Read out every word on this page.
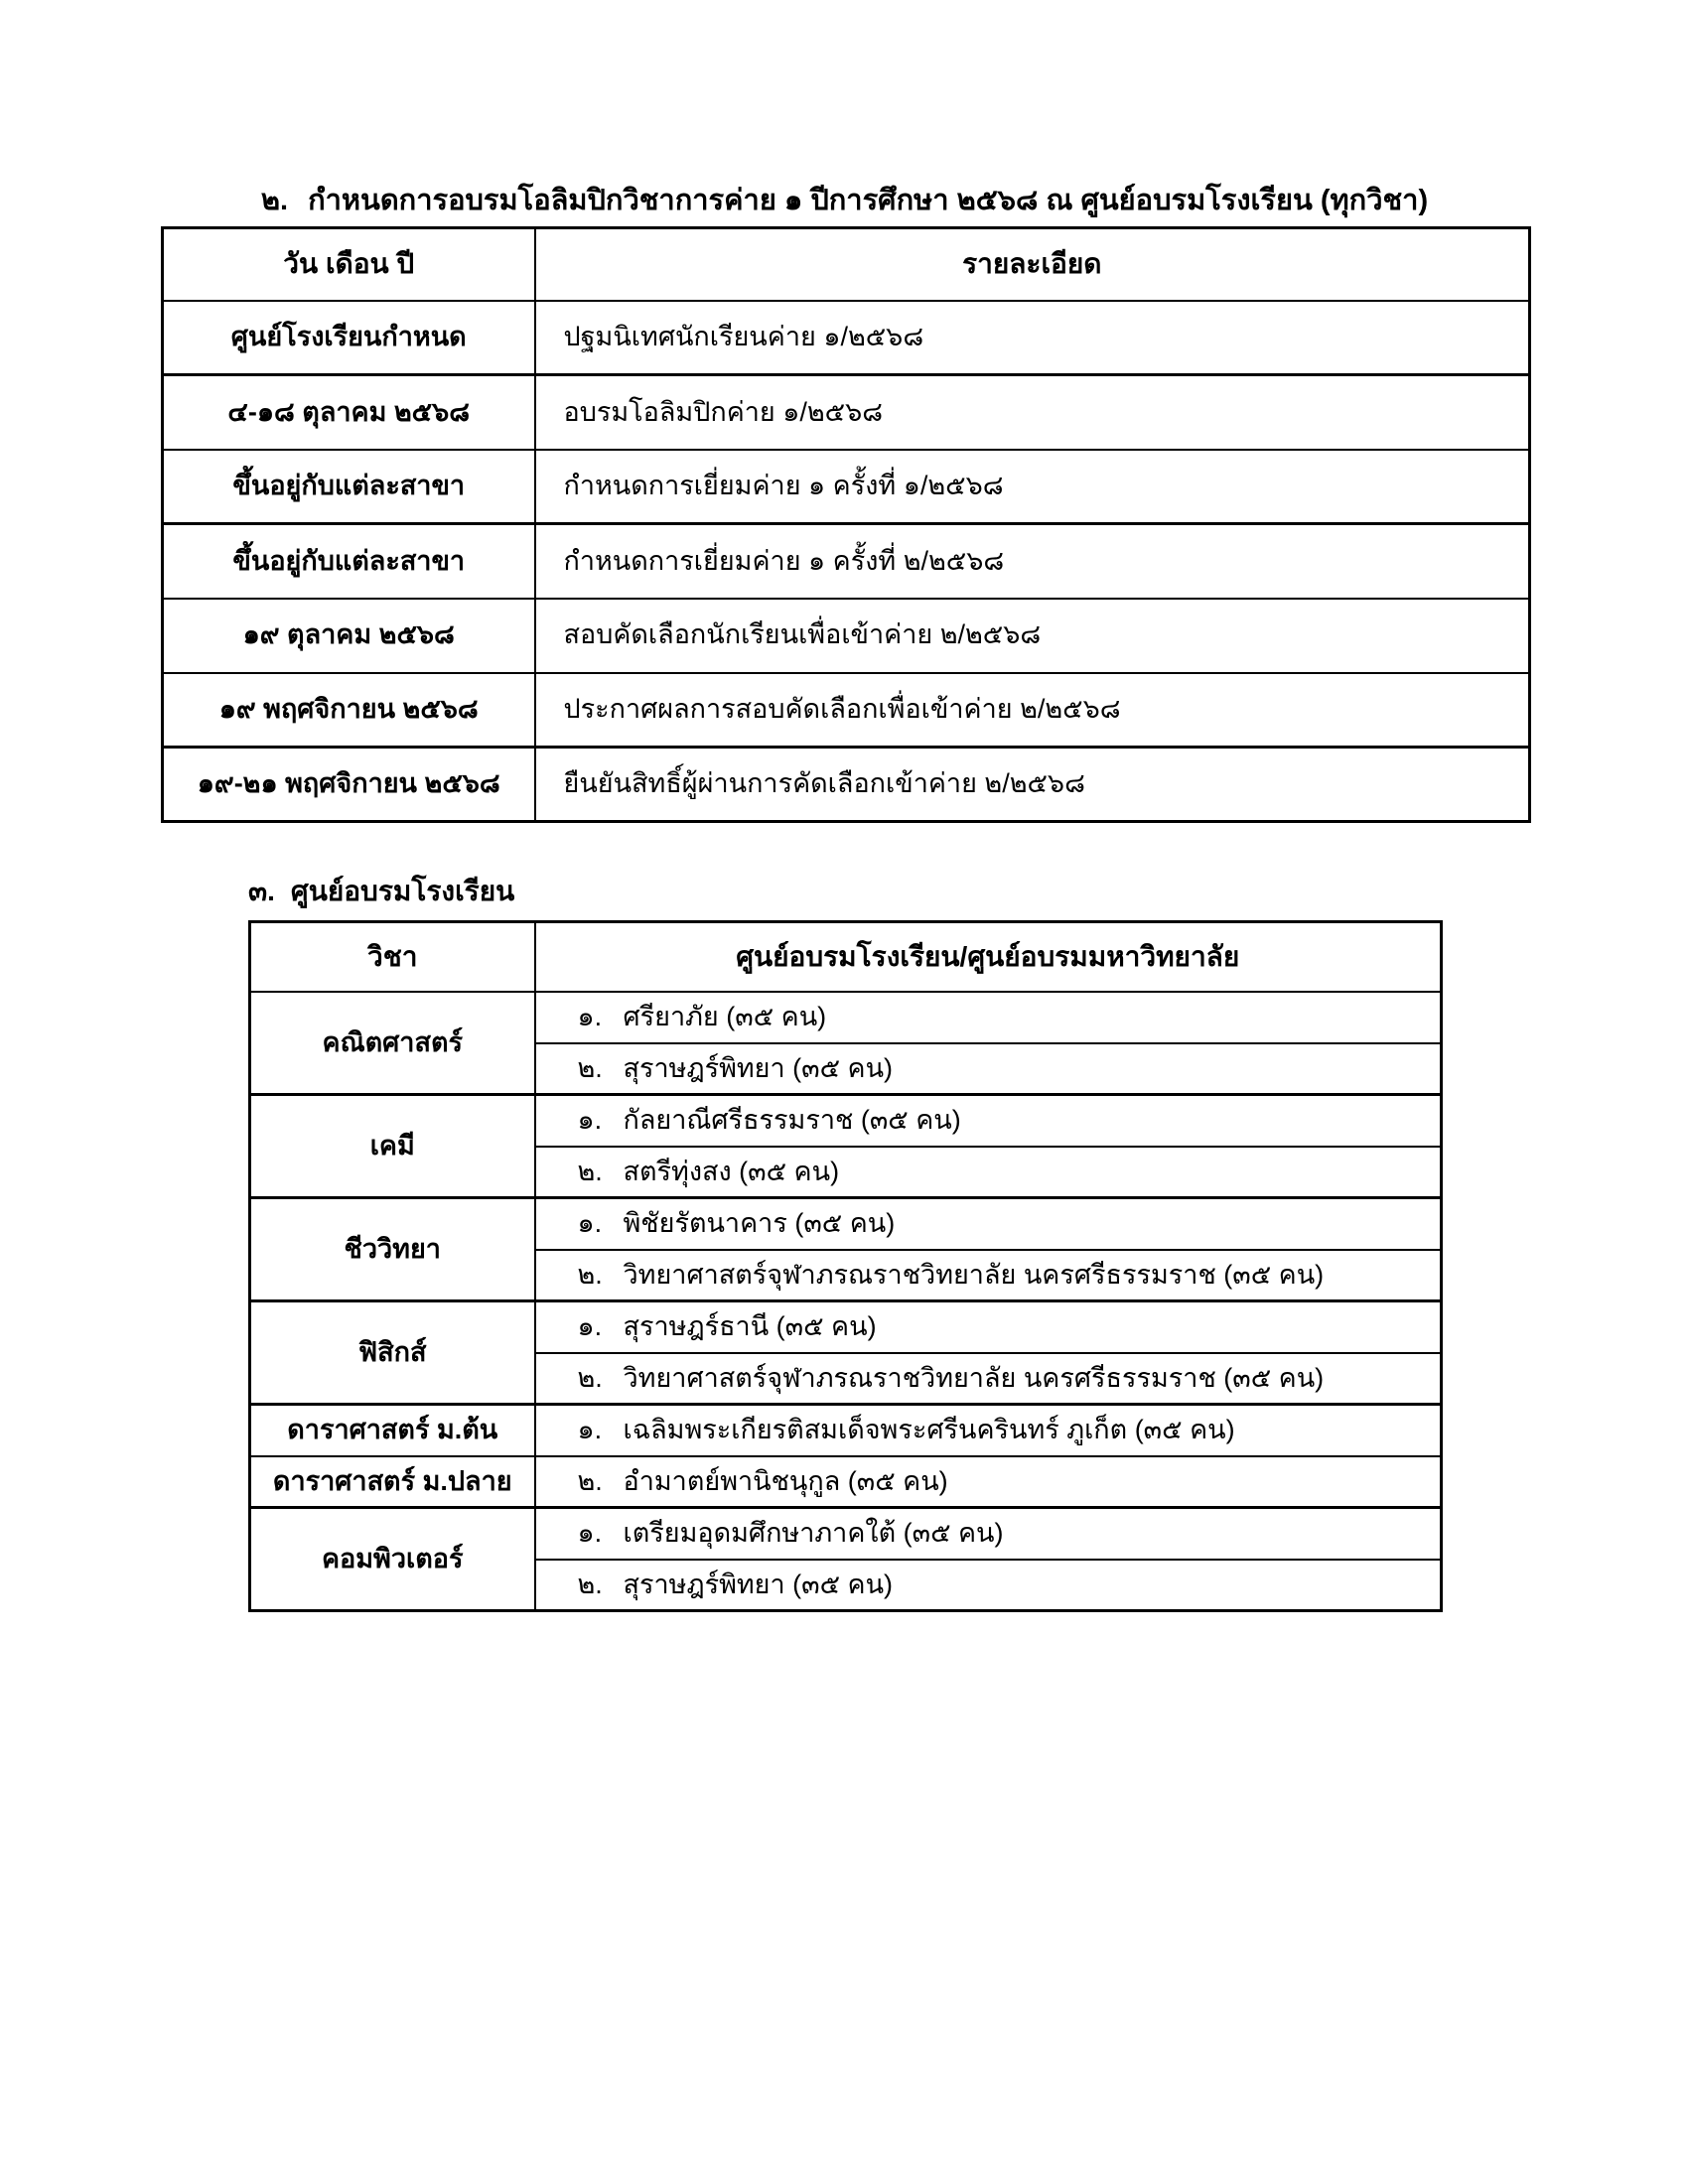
๒. กำหนดการอบรมโอลิมปิกวิชาการค่าย ๑ ปีการศึกษา ๒๕๖๘ ณ ศูนย์อบรมโรงเรียน (ทุกวิชา)
วัน เดือน ปี	รายละเอียด
ศูนย์โรงเรียนกำหนด	ปฐมนิเทศนักเรียนค่าย ๑/๒๕๖๘
๔-๑๘ ตุลาคม ๒๕๖๘	อบรมโอลิมปิกค่าย ๑/๒๕๖๘
ขึ้นอยู่กับแต่ละสาขา	กำหนดการเยี่ยมค่าย ๑ ครั้งที่ ๑/๒๕๖๘
ขึ้นอยู่กับแต่ละสาขา	กำหนดการเยี่ยมค่าย ๑ ครั้งที่ ๒/๒๕๖๘
๑๙ ตุลาคม ๒๕๖๘	สอบคัดเลือกนักเรียนเพื่อเข้าค่าย ๒/๒๕๖๘
๑๙ พฤศจิกายน ๒๕๖๘	ประกาศผลการสอบคัดเลือกเพื่อเข้าค่าย ๒/๒๕๖๘
๑๙-๒๑ พฤศจิกายน ๒๕๖๘	ยืนยันสิทธิ์ผู้ผ่านการคัดเลือกเข้าค่าย ๒/๒๕๖๘
๓. ศูนย์อบรมโรงเรียน
วิชา	ศูนย์อบรมโรงเรียน/ศูนย์อบรมมหาวิทยาลัย
คณิตศาสตร์	๑. ศรียาภัย (๓๕ คน)
	๒. สุราษฎร์พิทยา (๓๕ คน)
เคมี	๑. กัลยาณีศรีธรรมราช (๓๕ คน)
	๒. สตรีทุ่งสง (๓๕ คน)
ชีววิทยา	๑. พิชัยรัตนาคาร (๓๕ คน)
	๒. วิทยาศาสตร์จุฬาภรณราชวิทยาลัย นครศรีธรรมราช (๓๕ คน)
ฟิสิกส์	๑. สุราษฎร์ธานี (๓๕ คน)
	๒. วิทยาศาสตร์จุฬาภรณราชวิทยาลัย นครศรีธรรมราช (๓๕ คน)
ดาราศาสตร์ ม.ต้น	๑. เฉลิมพระเกียรติสมเด็จพระศรีนครินทร์ ภูเก็ต (๓๕ คน)
ดาราศาสตร์ ม.ปลาย	๒. อำมาตย์พานิชนุกูล (๓๕ คน)
คอมพิวเตอร์	๑. เตรียมอุดมศึกษาภาคใต้ (๓๕ คน)
	๒. สุราษฎร์พิทยา (๓๕ คน)
